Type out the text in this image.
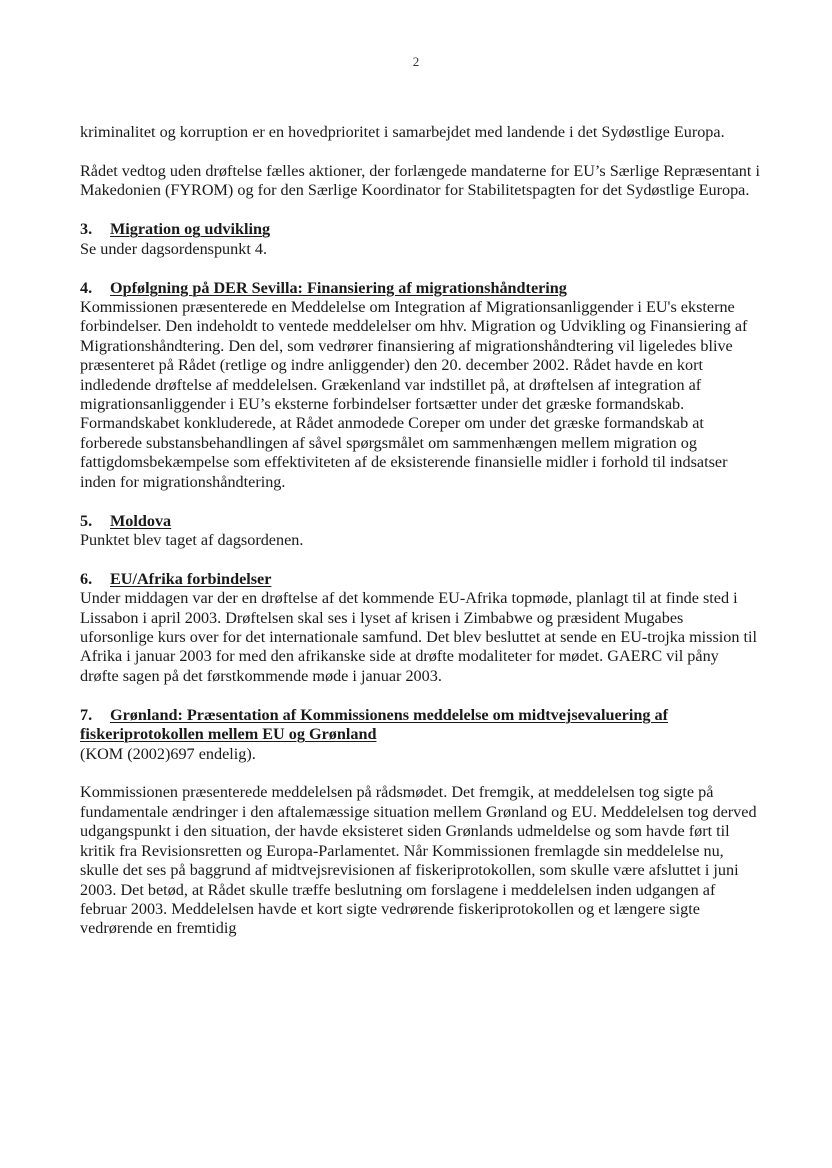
2

kriminalitet og korruption er en hovedprioritet i samarbejdet med landende i det Sydøstlige Europa.

Rådet vedtog uden drøftelse fælles aktioner, der forlængede mandaterne for EU’s Særlige Repræsentant i Makedonien (FYROM) og for den Særlige Koordinator for Stabilitetspagten for det Sydøstlige Europa.

3. Migration og udvikling

Se under dagsordenspunkt 4.

4. Opfølgning på DER Sevilla: Finansiering af migrationshåndtering

Kommissionen præsenterede en Meddelelse om Integration af Migrationsanliggender i EU's eksterne forbindelser. Den indeholdt to ventede meddelelser om hhv. Migration og Udvikling og Finansiering af Migrationshåndtering. Den del, som vedrører finansiering af migrationshåndtering vil ligeledes blive præsenteret på Rådet (retlige og indre anliggender) den 20. december 2002. Rådet havde en kort indledende drøftelse af meddelelsen. Grækenland var indstillet på, at drøftelsen af integration af migrationsanliggender i EU’s eksterne forbindelser fortsætter under det græske formandskab. Formandskabet konkluderede, at Rådet anmodede Coreper om under det græske formandskab at forberede substansbehandlingen af såvel spørgsmålet om sammenhængen mellem migration og fattigdomsbekæmpelse som effektiviteten af de eksisterende finansielle midler i forhold til indsatser inden for migrationshåndtering.

5. Moldova

Punktet blev taget af dagsordenen.

6. EU/Afrika forbindelser

Under middagen var der en drøftelse af det kommende EU-Afrika topmøde, planlagt til at finde sted i Lissabon i april 2003. Drøftelsen skal ses i lyset af krisen i Zimbabwe og præsident Mugabes uforsonlige kurs over for det internationale samfund. Det blev besluttet at sende en EU-trojka mission til Afrika i januar 2003 for med den afrikanske side at drøfte modaliteter for mødet. GAERC vil påny drøfte sagen på det førstkommende møde i januar 2003.

7. Grønland: Præsentation af Kommissionens meddelelse om midtvejsevaluering af fiskeriprotokollen mellem EU og Grønland

(KOM (2002)697 endelig).

Kommissionen præsenterede meddelelsen på rådsmødet. Det fremgik, at meddelelsen tog sigte på fundamentale ændringer i den aftalemæssige situation mellem Grønland og EU. Meddelelsen tog derved udgangspunkt i den situation, der havde eksisteret siden Grønlands udmeldelse og som havde ført til kritik fra Revisionsretten og Europa-Parlamentet. Når Kommissionen fremlagde sin meddelelse nu, skulle det ses på baggrund af midtvejsrevisionen af fiskeriprotokollen, som skulle være afsluttet i juni 2003. Det betød, at Rådet skulle træffe beslutning om forslagene i meddelelsen inden udgangen af februar 2003. Meddelelsen havde et kort sigte vedrørende fiskeriprotokollen og et længere sigte vedrørende en fremtidig
